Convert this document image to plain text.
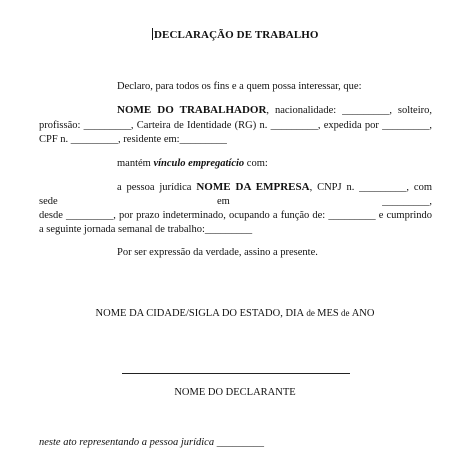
DECLARAÇÃO DE TRABALHO
Declaro, para todos os fins e a quem possa interessar, que:
NOME DO TRABALHADOR, nacionalidade: _________, solteiro,
profissão: _________, Carteira de Identidade (RG) n. _________, expedida por _________,
CPF n. _________, residente em:_________
mantém vínculo empregatício com:
a pessoa jurídica NOME DA EMPRESA, CNPJ n. _________, com
sede	em	_________,
desde _________, por prazo indeterminado, ocupando a função de: _________ e cumprindo
a seguinte jornada semanal de trabalho:_________
Por ser expressão da verdade, assino a presente.
NOME DA CIDADE/SIGLA DO ESTADO, DIA de MES de ANO
NOME DO DECLARANTE
neste ato representando a pessoa jurídica _________
